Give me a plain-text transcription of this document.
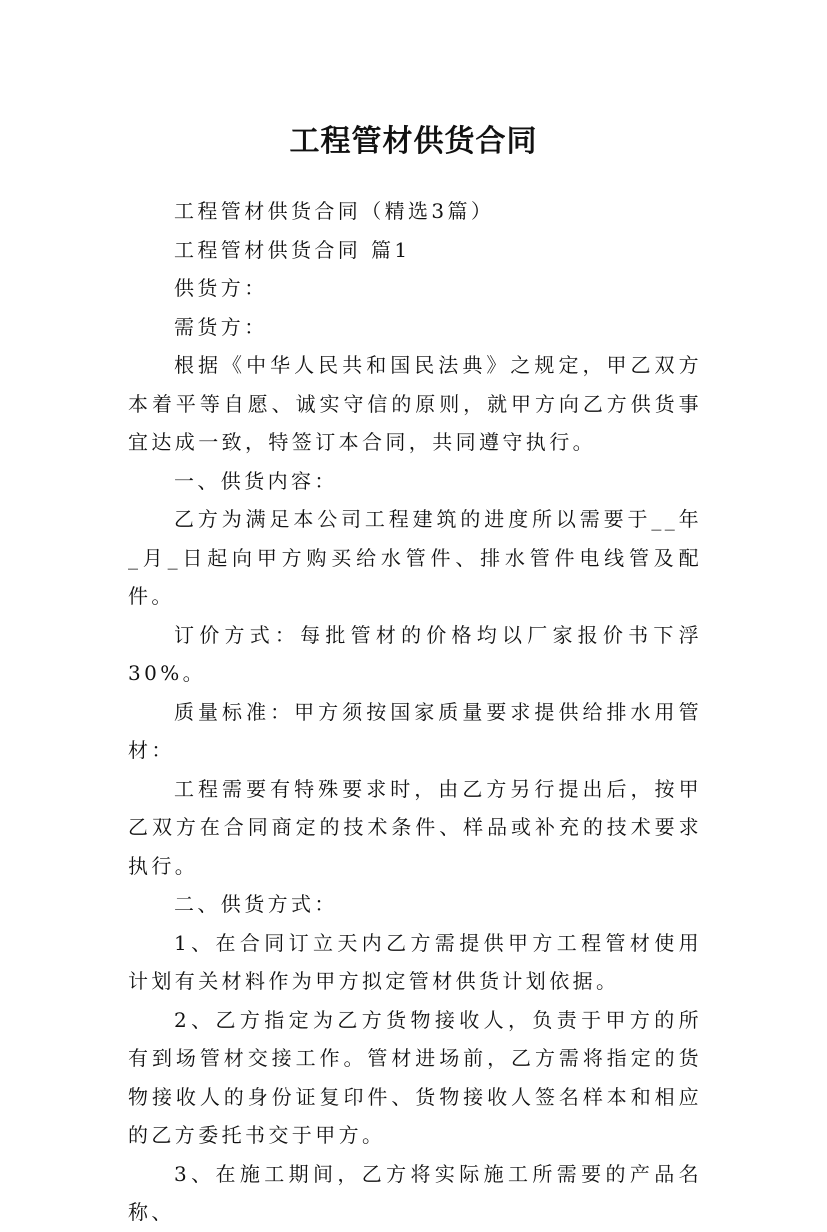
工程管材供货合同

工程管材供货合同（精选3篇）

工程管材供货合同 篇1

供货方：

需货方：

根据《中华人民共和国民法典》之规定，甲乙双方本着平等自愿、诚实守信的原则，就甲方向乙方供货事宜达成一致，特签订本合同，共同遵守执行。

一、供货内容：

乙方为满足本公司工程建筑的进度所以需要于__年_月_日起向甲方购买给水管件、排水管件电线管及配件。

订价方式：每批管材的价格均以厂家报价书下浮30%。

质量标准：甲方须按国家质量要求提供给排水用管材：

工程需要有特殊要求时，由乙方另行提出后，按甲乙双方在合同商定的技术条件、样品或补充的技术要求执行。

二、供货方式：

1、在合同订立天内乙方需提供甲方工程管材使用计划有关材料作为甲方拟定管材供货计划依据。

2、乙方指定为乙方货物接收人，负责于甲方的所有到场管材交接工作。管材进场前，乙方需将指定的货物接收人的身份证复印件、货物接收人签名样本和相应的乙方委托书交于甲方。

3、在施工期间，乙方将实际施工所需要的产品名称、
